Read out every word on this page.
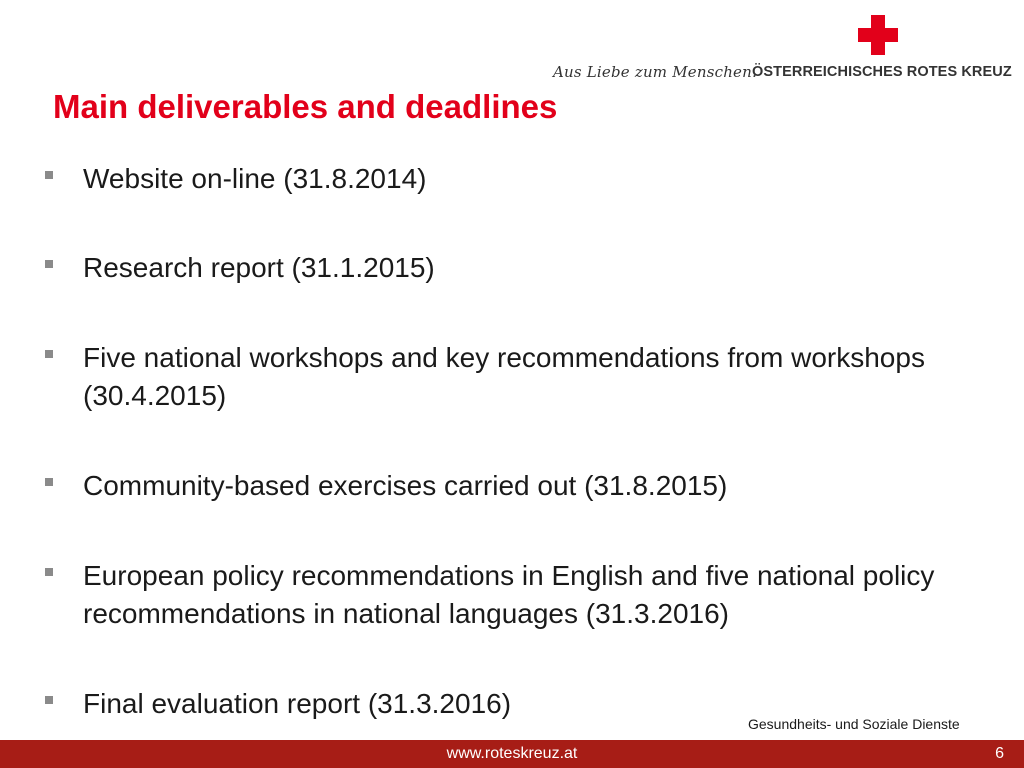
Aus Liebe zum Menschen.
ÖSTERREICHISCHES ROTES KREUZ
Main deliverables and deadlines
Website on-line (31.8.2014)
Research report (31.1.2015)
Five national workshops and key recommendations from workshops (30.4.2015)
Community-based exercises carried out (31.8.2015)
European policy recommendations in English and five national policy recommendations in national languages (31.3.2016)
Final evaluation report (31.3.2016)
Gesundheits- und Soziale Dienste
www.roteskreuz.at	6
